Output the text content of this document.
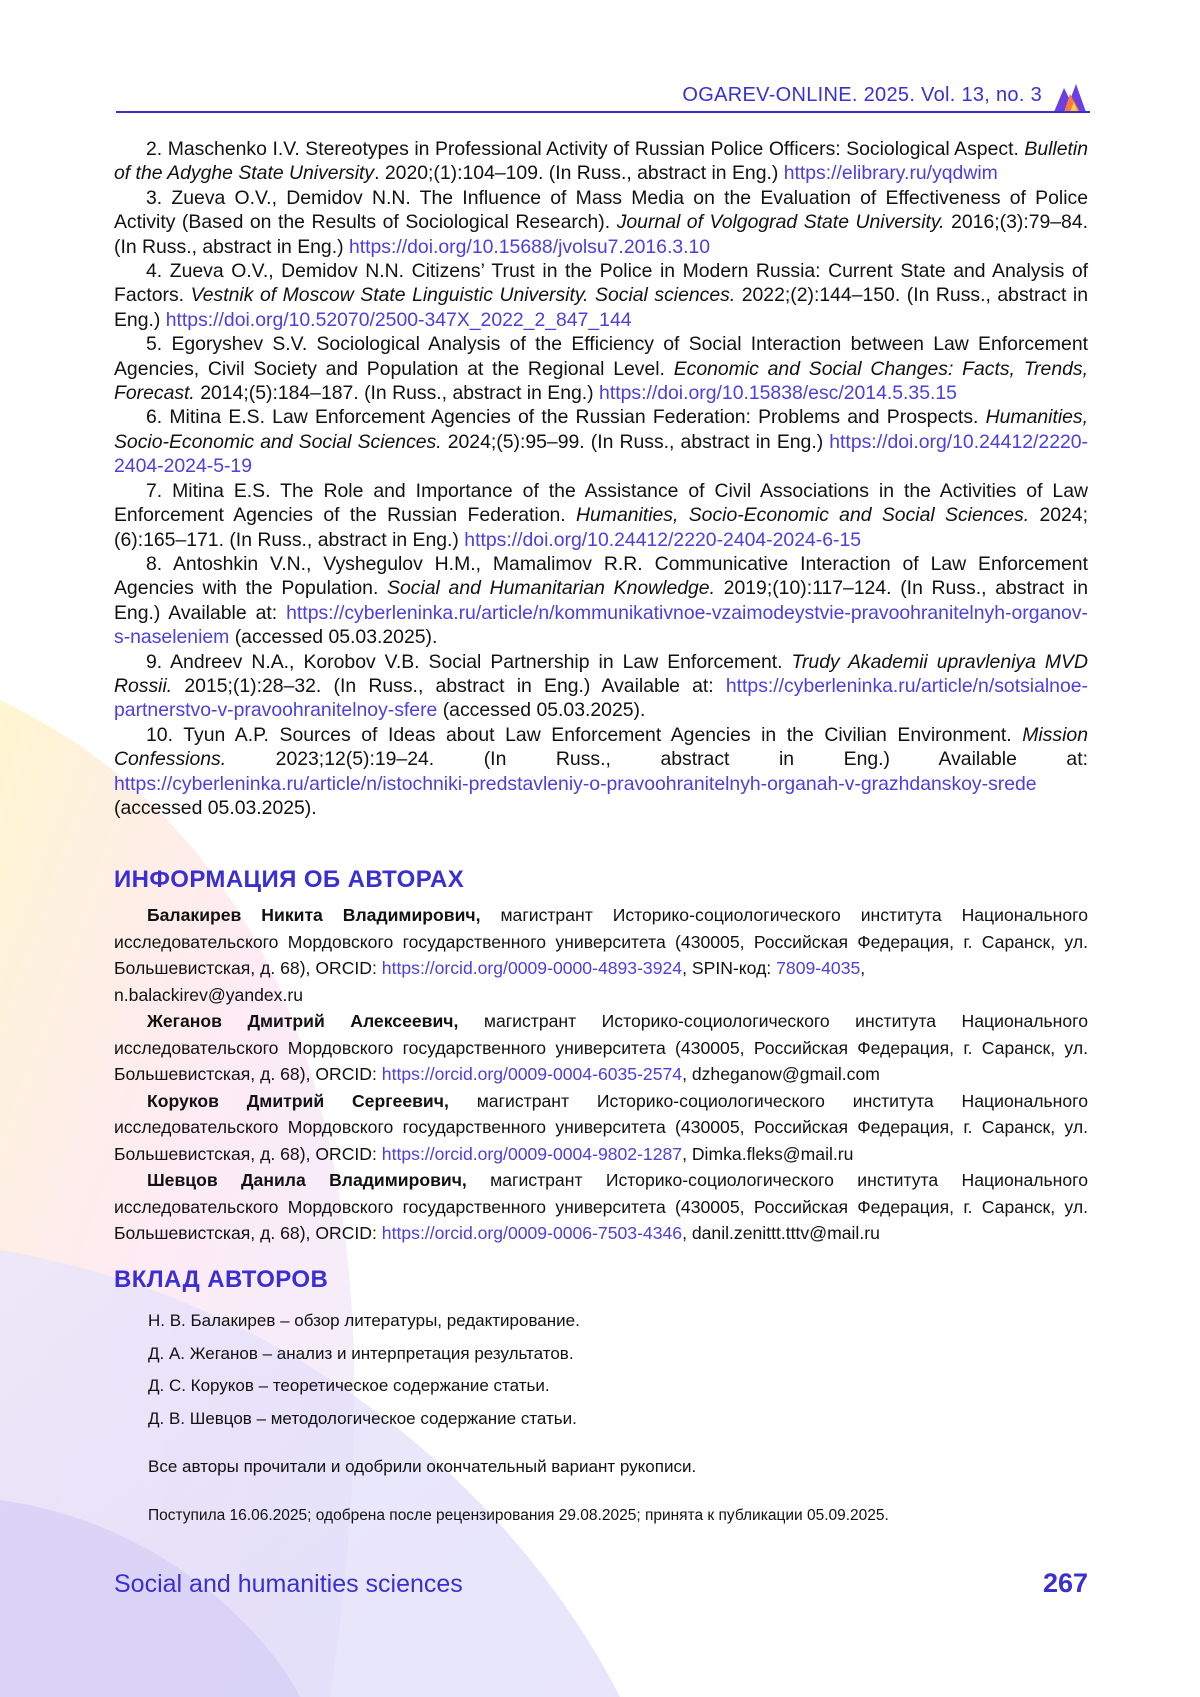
OGAREV-ONLINE. 2025. Vol. 13, no. 3

2. Maschenko I.V. Stereotypes in Professional Activity of Russian Police Officers: Sociological Aspect. Bulletin of the Adyghe State University. 2020;(1):104–109. (In Russ., abstract in Eng.) https://elibrary.ru/yqdwim

3. Zueva O.V., Demidov N.N. The Influence of Mass Media on the Evaluation of Effectiveness of Police Activity (Based on the Results of Sociological Research). Journal of Volgograd State University. 2016;(3):79–84. (In Russ., abstract in Eng.) https://doi.org/10.15688/jvolsu7.2016.3.10

4. Zueva O.V., Demidov N.N. Citizens’ Trust in the Police in Modern Russia: Current State and Analysis of Factors. Vestnik of Moscow State Linguistic University. Social sciences. 2022;(2):144–150. (In Russ., abstract in Eng.) https://doi.org/10.52070/2500-347X_2022_2_847_144

5. Egoryshev S.V. Sociological Analysis of the Efficiency of Social Interaction between Law Enforcement Agencies, Civil Society and Population at the Regional Level. Economic and Social Changes: Facts, Trends, Forecast. 2014;(5):184–187. (In Russ., abstract in Eng.) https://doi.org/10.15838/esc/2014.5.35.15

6. Mitina E.S. Law Enforcement Agencies of the Russian Federation: Problems and Prospects. Humanities, Socio-Economic and Social Sciences. 2024;(5):95–99. (In Russ., abstract in Eng.) https://doi.org/10.24412/2220-2404-2024-5-19

7. Mitina E.S. The Role and Importance of the Assistance of Civil Associations in the Activities of Law Enforcement Agencies of the Russian Federation. Humanities, Socio-Economic and Social Sciences. 2024;(6):165–171. (In Russ., abstract in Eng.) https://doi.org/10.24412/2220-2404-2024-6-15

8. Antoshkin V.N., Vyshegulov H.M., Mamalimov R.R. Communicative Interaction of Law Enforcement Agencies with the Population. Social and Humanitarian Knowledge. 2019;(10):117–124. (In Russ., abstract in Eng.) Available at: https://cyberleninka.ru/article/n/kommunikativnoe-vzaimodeystvie-pravoohranitelnyh-organov-s-naseleniem (accessed 05.03.2025).

9. Andreev N.A., Korobov V.B. Social Partnership in Law Enforcement. Trudy Akademii upravleniya MVD Rossii. 2015;(1):28–32. (In Russ., abstract in Eng.) Available at: https://cyberleninka.ru/article/n/sotsialnoe-partnerstvo-v-pravoohranitelnoy-sfere (accessed 05.03.2025).

10. Tyun A.P. Sources of Ideas about Law Enforcement Agencies in the Civilian Environment. Mission Confessions. 2023;12(5):19–24. (In Russ., abstract in Eng.) Available at: https://cyberleninka.ru/article/n/istochniki-predstavleniy-o-pravoohranitelnyh-organah-v-grazhdanskoy-srede (accessed 05.03.2025).

ИНФОРМАЦИЯ ОБ АВТОРАХ

Балакирев Никита Владимирович, магистрант Историко-социологического института Национального исследовательского Мордовского государственного университета (430005, Российская Федерация, г. Саранск, ул. Большевистская, д. 68), ORCID: https://orcid.org/0009-0000-4893-3924, SPIN-код: 7809-4035,
n.balackirev@yandex.ru

Жеганов Дмитрий Алексеевич, магистрант Историко-социологического института Национального исследовательского Мордовского государственного университета (430005, Российская Федерация, г. Саранск, ул. Большевистская, д. 68), ORCID: https://orcid.org/0009-0004-6035-2574, dzheganow@gmail.com

Коруков Дмитрий Сергеевич, магистрант Историко-социологического института Национального исследовательского Мордовского государственного университета (430005, Российская Федерация, г. Саранск, ул. Большевистская, д. 68), ORCID: https://orcid.org/0009-0004-9802-1287, Dimka.fleks@mail.ru

Шевцов Данила Владимирович, магистрант Историко-социологического института Национального исследовательского Мордовского государственного университета (430005, Российская Федерация, г. Саранск, ул. Большевистская, д. 68), ORCID: https://orcid.org/0009-0006-7503-4346, danil.zenittt.tttv@mail.ru

ВКЛАД АВТОРОВ

Н. В. Балакирев – обзор литературы, редактирование.

Д. А. Жеганов – анализ и интерпретация результатов.

Д. С. Коруков – теоретическое содержание статьи.

Д. В. Шевцов – методологическое содержание статьи.

Все авторы прочитали и одобрили окончательный вариант рукописи.
Поступила 16.06.2025; одобрена после рецензирования 29.08.2025; принята к публикации 05.09.2025.
Social and humanities sciences	267
